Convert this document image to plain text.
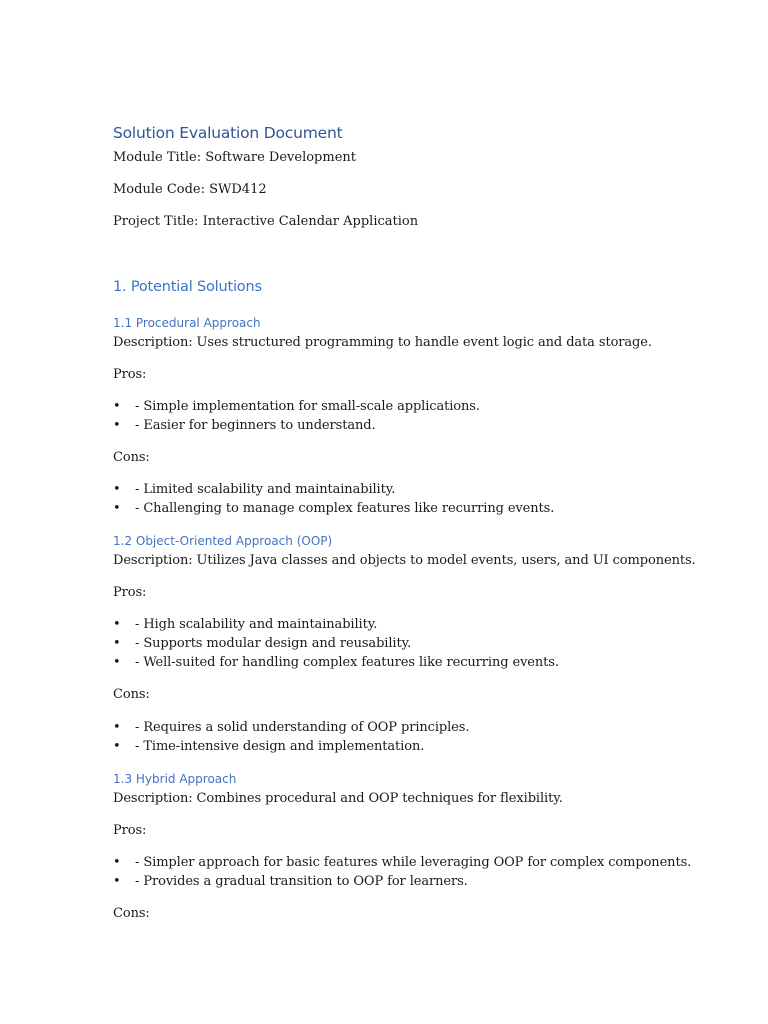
Solution Evaluation Document
Module Title: Software Development
Module Code: SWD412
Project Title: Interactive Calendar Application
1. Potential Solutions
1.1 Procedural Approach
Description: Uses structured programming to handle event logic and data storage.
Pros:
• - Simple implementation for small-scale applications.
• - Easier for beginners to understand.
Cons:
• - Limited scalability and maintainability.
• - Challenging to manage complex features like recurring events.
1.2 Object-Oriented Approach (OOP)
Description: Utilizes Java classes and objects to model events, users, and UI components.
Pros:
• - High scalability and maintainability.
• - Supports modular design and reusability.
• - Well-suited for handling complex features like recurring events.
Cons:
• - Requires a solid understanding of OOP principles.
• - Time-intensive design and implementation.
1.3 Hybrid Approach
Description: Combines procedural and OOP techniques for flexibility.
Pros:
• - Simpler approach for basic features while leveraging OOP for complex components.
• - Provides a gradual transition to OOP for learners.
Cons:
